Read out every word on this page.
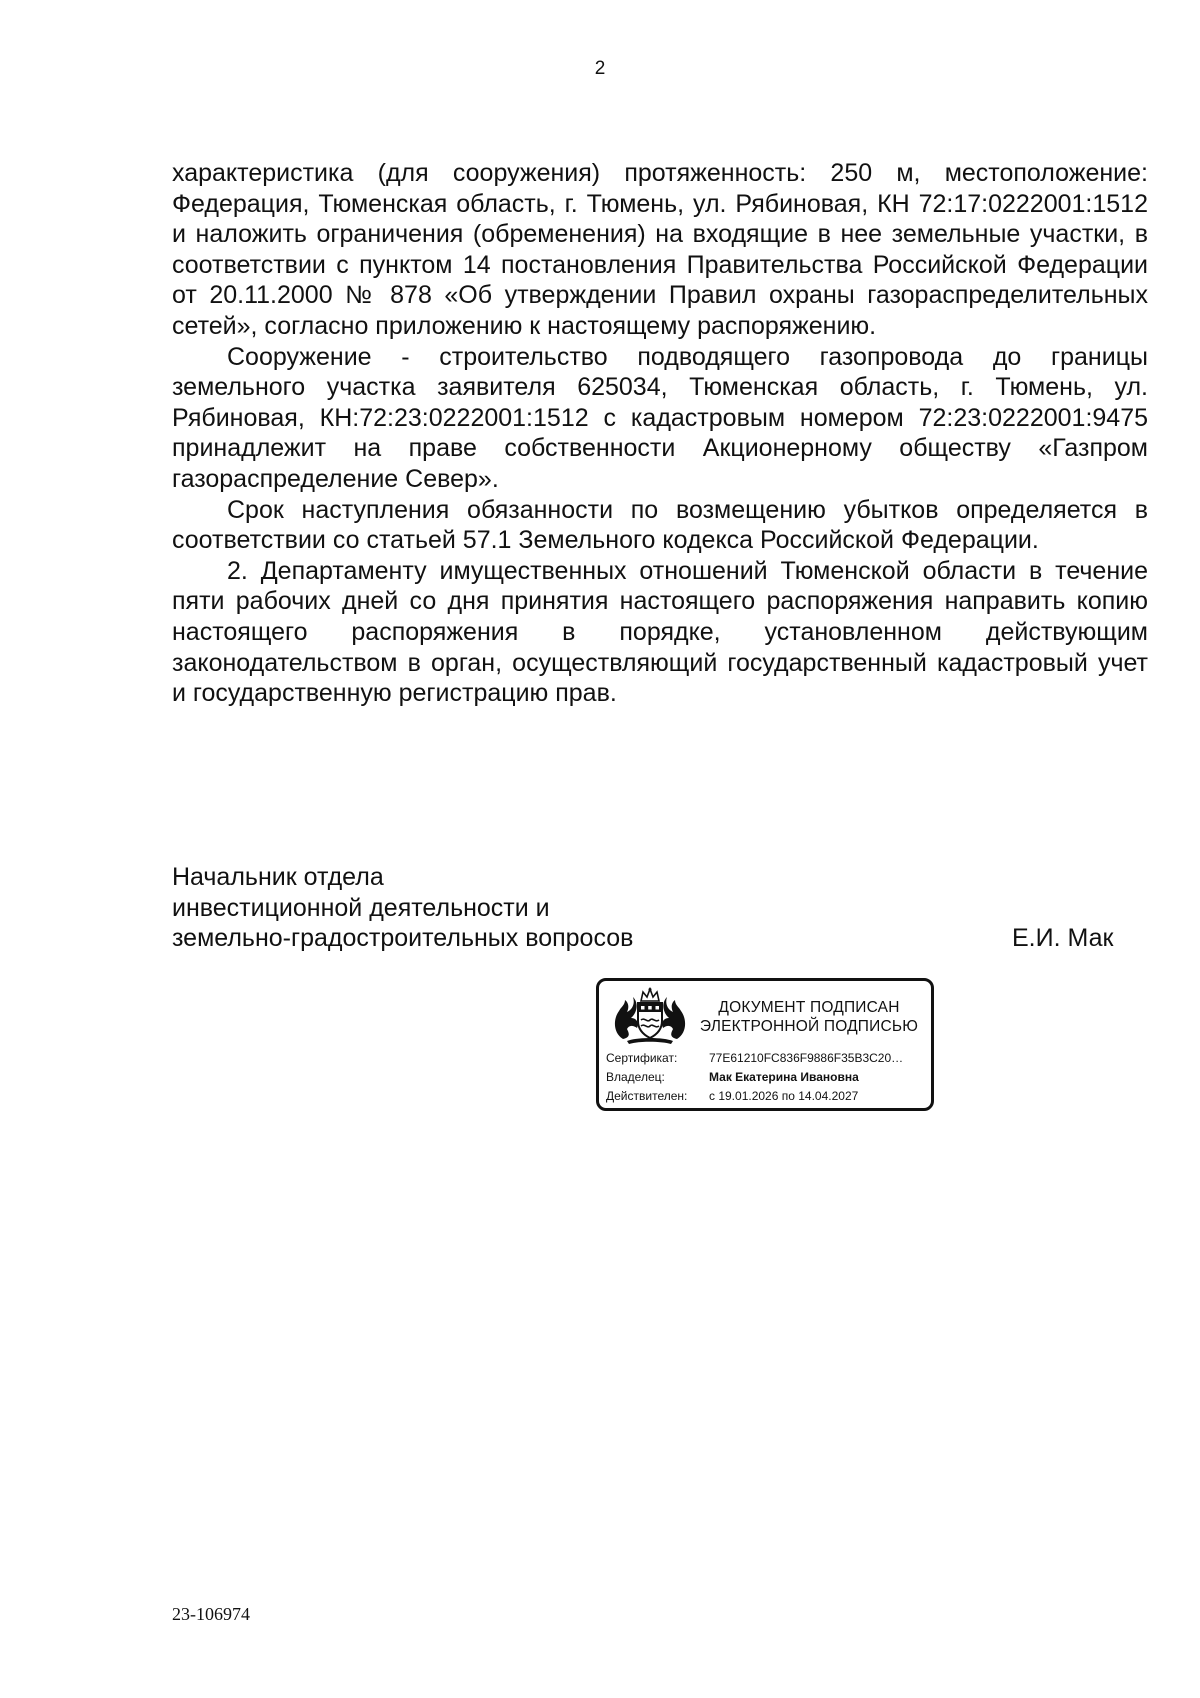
2

характеристика (для сооружения) протяженность: 250 м, местоположение: Федерация, Тюменская область, г. Тюмень, ул. Рябиновая, КН 72:17:0222001:1512 и наложить ограничения (обременения) на входящие в нее земельные участки, в соответствии с пунктом 14 постановления Правительства Российской Федерации от 20.11.2000 № 878 «Об утверждении Правил охраны газораспределительных сетей», согласно приложению к настоящему распоряжению.

Сооружение - строительство подводящего газопровода до границы земельного участка заявителя 625034, Тюменская область, г. Тюмень, ул. Рябиновая, КН:72:23:0222001:1512 с кадастровым номером 72:23:0222001:9475 принадлежит на праве собственности Акционерному обществу «Газпром газораспределение Север».

Срок наступления обязанности по возмещению убытков определяется в соответствии со статьей 57.1 Земельного кодекса Российской Федерации.

2. Департаменту имущественных отношений Тюменской области в течение пяти рабочих дней со дня принятия настоящего распоряжения направить копию настоящего распоряжения в порядке, установленном действующим законодательством в орган, осуществляющий государственный кадастровый учет и государственную регистрацию прав.

Начальник отдела
инвестиционной деятельности и
земельно-градостроительных вопросов	Е.И. Мак
ДОКУМЕНТ ПОДПИСАН
ЭЛЕКТРОННОЙ ПОДПИСЬЮ
Сертификат:	77E61210FC836F9886F35B3C20…
Владелец:	Мак Екатерина Ивановна
Действителен: с 19.01.2026 по 14.04.2027
23-106974
